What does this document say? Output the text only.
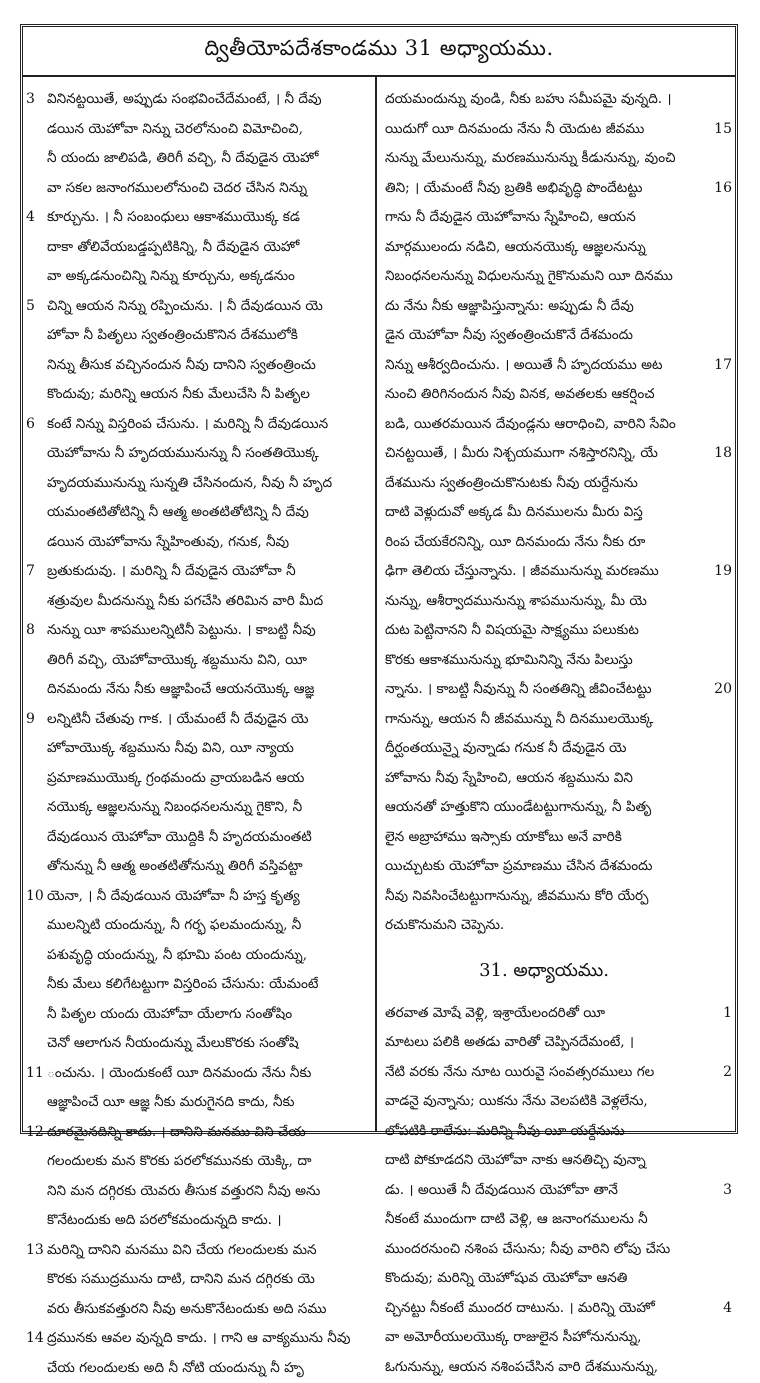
ద్వితీయోపదేశకాండము 31 అధ్యాయము.
3 వినినట్టయితే, అప్పుడు సంభవించేదేమంటే, । నీ దేవు
డయిన యెహోవా నిన్ను చెరలోనుంచి విమోచించి,
నీ యందు జాలిపడి, తిరిగీ వచ్చి, నీ దేవుడైన యెహో
వా సకల జనాంగములలోనుంచి చెదర చేసిన నిన్ను
4 కూర్చును. । నీ సంబంధులు ఆకాశముయొక్క కడ
దాకా తోలివేయబడ్డప్పటికిన్ని, నీ దేవుడైన యెహో
వా అక్కడనుంచిన్ని నిన్ను కూర్చును, అక్కడనుం
5 చిన్ని ఆయన నిన్ను రప్పించును. । నీ దేవుడయిన యె
హోవా నీ పితృలు స్వతంత్రించుకొనిన దేశములోకి
నిన్ను తీసుక వచ్చినందున నీవు దానిని స్వతంత్రించు
కొందువు; మరిన్ని ఆయన నీకు మేలుచేసి నీ పితృల
6 కంటే నిన్ను విస్తరింప చేసును. । మరిన్ని నీ దేవుడయిన
యెహోవాను నీ హృదయమునున్ను నీ సంతతియొక్క
హృదయమునున్ను సున్నతి చేసినందున, నీవు నీ హృద
యమంతటితోటిన్ని నీ ఆత్మ అంతటితోటిన్ని నీ దేవు
డయిన యెహోవాను స్నేహింతువు, గనుక, నీవు
7 బ్రతుకుదువు. । మరిన్ని నీ దేవుడైన యెహోవా నీ
శత్రువుల మీదనున్ను నీకు పగచేసి తరిమిన వారి మీద
8 నున్ను యీ శాపములన్నిటినీ పెట్టును. । కాబట్టి నీవు
తిరిగీ వచ్చి, యెహోవాయొక్క శబ్దమును విని, యీ
దినమందు నేను నీకు ఆజ్ఞాపించే ఆయనయొక్క ఆజ్ఞ
9 లన్నిటినీ చేతువు గాక. । యేమంటే నీ దేవుడైన యె
హోవాయొక్క శబ్దమును నీవు విని, యీ న్యాయ
ప్రమాణముయొక్క గ్రంథమందు వ్రాయబడిన ఆయ
నయొక్క ఆజ్ఞలనున్ను నిబంధనలనున్ను గైకొని, నీ
దేవుడయిన యెహోవా యొద్దికి నీ హృదయమంతటి
తోనున్ను నీ ఆత్మ అంతటితోనున్ను తిరిగీ వస్తివట్టా
10 యెనా, । నీ దేవుడయిన యెహోవా నీ హస్త కృత్య
ములన్నిటి యందున్ను, నీ గర్భ ఫలమందున్ను, నీ
పశువృద్ధి యందున్ను, నీ భూమి పంట యందున్ను,
నీకు మేలు కలిగేటట్టుగా విస్తరింప చేసును: యేమంటే
నీ పితృల యందు యెహోవా యేలాగు సంతోషిం
చెనో ఆలాగున నీయందున్ను మేలుకొరకు సంతోషి
11 ంచును. । యెందుకంటే యీ దినమందు నేను నీకు
ఆజ్ఞాపించే యీ ఆజ్ఞ నీకు మరుగైనది కాదు, నీకు
12 దూరమైనదిన్ని కాదు. । దానిని మనము విని చేయ
గలందులకు మన కొరకు పరలోకమునకు యెక్కి, దా
నిని మన దగ్గిరకు యెవరు తీసుక వత్తురని నీవు అను
కొనేటందుకు అది పరలోకమందున్నది కాదు. ।
13 మరిన్ని దానిని మనము విని చేయ గలందులకు మన
కొరకు సముద్రమును దాటి, దానిని మన దగ్గిరకు యె
వరు తీసుకవత్తురని నీవు అనుకొనేటందుకు అది సము
14 ద్రమునకు ఆవల వున్నది కాదు. । గాని ఆ వాక్యమును నీవు
చేయ గలందులకు అది నీ నోటి యందున్ను నీ హృ
దయమందున్ను వుండి, నీకు బహు సమీపమై వున్నది. ।
15
యిదుగో యీ దినమందు నేను నీ యెదుట జీవము
నున్ను మేలునున్ను, మరణమునున్ను కీడునున్ను, వుంచి
16
తిని; । యేమంటే నీవు బ్రతికి అభివృద్ధి పొందేటట్టు
గాను నీ దేవుడైన యెహోవాను స్నేహించి, ఆయన
మార్గములందు నడిచి, ఆయనయొక్క ఆజ్ఞలనున్ను
నిబంధనలనున్ను విధులనున్ను గైకొనుమని యీ దినము
దు నేను నీకు ఆజ్ఞాపిస్తున్నాను: అప్పుడు నీ దేవు
డైన యెహోవా నీవు స్వతంత్రించుకొనే దేశమందు
17
నిన్ను ఆశీర్వదించును. । అయితే నీ హృదయము అట
నుంచి తిరిగినందున నీవు వినక, అవతలకు ఆకర్షించ
బడి, యితరమయిన దేవుండ్లను ఆరాధించి, వారిని సేవిం
18
చినట్టయితే, । మీరు నిశ్చయముగా నశిస్తారనిన్ని, యే
దేశమును స్వతంత్రించుకొనుటకు నీవు యర్దేనును
దాటి వెళ్లుదువో అక్కడ మీ దినములను మీరు విస్త
రింప చేయకేరనిన్ని, యీ దినమందు నేను నీకు రూ
19
ఢిగా తెలియ చేస్తున్నాను. । జీవమునున్ను మరణము
నున్ను, ఆశీర్వాదమునున్ను శాపమునున్ను, మీ యె
దుట పెట్టినానని నీ విషయమై సాక్ష్యము పలుకుట
కొరకు ఆకాశమునున్ను భూమినిన్ని నేను పిలుస్తు
20
న్నాను. । కాబట్టి నీవున్ను నీ సంతతిన్ని జీవించేటట్టు
గానున్ను, ఆయన నీ జీవమున్ను నీ దినములయొక్క
దీర్ఘంతయున్నై వున్నాడు గనుక నీ దేవుడైన యె
హోవాను నీవు స్నేహించి, ఆయన శబ్దమును విని
ఆయనతో హత్తుకొని యుండేటట్టుగానున్ను, నీ పితృ
లైన అబ్రాహాము ఇస్సాకు యాకోబు అనే వారికి
యిచ్చుటకు యెహోవా ప్రమాణము చేసిన దేశమందు
నీవు నివసించేటట్టుగానున్ను, జీవమును కోరి యేర్ప
రచుకొనుమని చెప్పెను.
31. అధ్యాయము.
1
తరవాత మోషే వెళ్లి, ఇశ్రాయేలందరితో యీ
మాటలు పలికి అతడు వారితో చెప్పినదేమంటే, ।
2
నేటి వరకు నేను నూట యిరువై సంవత్సరములు గల
వాడనై వున్నాను; యికను నేను వెలపటికి వెళ్లలేను,
లోపటికి రాలేను: మరిన్ని నీవు యీ యర్దేనును
దాటి పోకూడదని యెహోవా నాకు ఆనతిచ్చి వున్నా
3
డు. । అయితే నీ దేవుడయిన యెహోవా తానే
నీకంటే ముందుగా దాటి వెళ్లి, ఆ జనాంగములను నీ
ముందరనుంచి నశింప చేసును; నీవు వారిని లోపు చేసు
కొందువు; మరిన్ని యెహోషువ యెహోవా ఆనతి
4
చ్చినట్టు నీకంటే ముందర దాటును. । మరిన్ని యెహో
వా అమోరీయులయొక్క రాజులైన సీహోనునున్ను,
ఓగునున్ను, ఆయన నశింపచేసిన వారి దేశమునున్ను,
